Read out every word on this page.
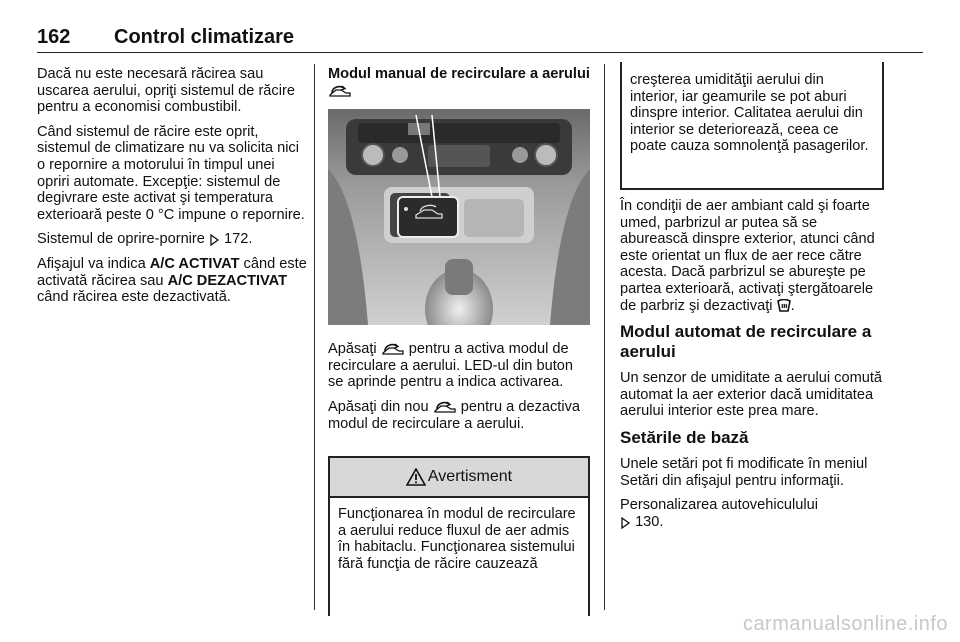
162 Control climatizare

Dacă nu este necesară răcirea sau uscarea aerului, opriţi sistemul de răcire pentru a economisi combustibil.

Când sistemul de răcire este oprit, sistemul de climatizare nu va solicita nici o repornire a motorului în timpul unei opriri automate. Excepţie: sistemul de degivrare este activat şi temperatura exterioară peste 0 °C impune o repornire.

Sistemul de oprire-pornire 172.

Afişajul va indica A/C ACTIVAT când este activată răcirea sau A/C DEZACTIVAT când răcirea este dezactivată.

Modul manual de recirculare a aerului

Apăsaţi  pentru a activa modul de recirculare a aerului. LED-ul din buton se aprinde pentru a indica activarea.

Apăsaţi din nou  pentru a dezactiva modul de recirculare a aerului.

Avertisment
Funcţionarea în modul de recirculare a aerului reduce fluxul de aer admis în habitaclu. Funcţionarea sistemului fără funcţia de răcire cauzează
creşterea umidităţii aerului din interior, iar geamurile se pot aburi dinspre interior. Calitatea aerului din interior se deteriorează, ceea ce poate cauza somnolenţă pasagerilor.

În condiţii de aer ambiant cald şi foarte umed, parbrizul ar putea să se aburească dinspre exterior, atunci când este orientat un flux de aer rece către acesta. Dacă parbrizul se abureşte pe partea exterioară, activaţi ştergătoarele de parbriz şi dezactivaţi .

Modul automat de recirculare a aerului

Un senzor de umiditate a aerului comută automat la aer exterior dacă umiditatea aerului interior este prea mare.

Setările de bază

Unele setări pot fi modificate în meniul Setări din afişajul pentru informaţii.

Personalizarea autovehiculului
130.

carmanualsonline.info
